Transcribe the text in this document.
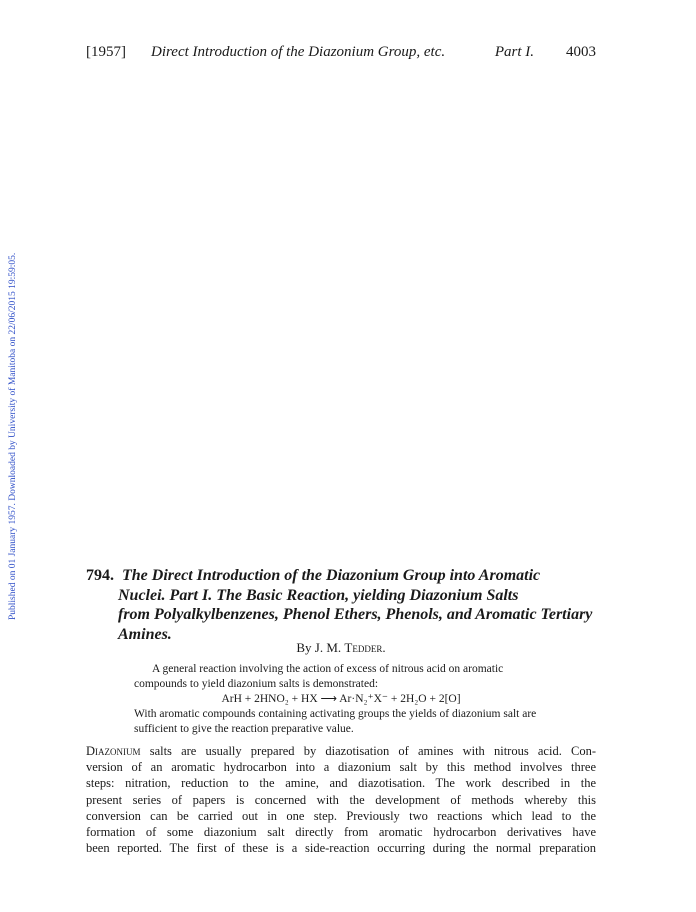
Published on 01 January 1957. Downloaded by University of Manitoba on 22/06/2015 19:59:05.
[1957] Direct Introduction of the Diazonium Group, etc.	Part I. 4003
794. The Direct Introduction of the Diazonium Group into Aromatic
Nuclei. Part I. The Basic Reaction, yielding Diazonium Salts
from Polyalkylbenzenes, Phenol Ethers, Phenols, and Aromatic Tertiary
Amines.
By J. M. Tedder.

A general reaction involving the action of excess of nitrous acid on aromatic compounds to yield diazonium salts is demonstrated:

ArH + 2HNO₂ + HX ⟶ Ar·N₂⁺X⁻ + 2H₂O + 2[O]

With aromatic compounds containing activating groups the yields of diazonium salt are sufficient to give the reaction preparative value.

Diazonium salts are usually prepared by diazotisation of amines with nitrous acid. Con-
version of an aromatic hydrocarbon into a diazonium salt by this method involves three
steps: nitration, reduction to the amine, and diazotisation. The work described in the
present series of papers is concerned with the development of methods whereby this
conversion can be carried out in one step. Previously two reactions which lead to the
formation of some diazonium salt directly from aromatic hydrocarbon derivatives have
been reported. The first of these is a side-reaction occurring during the normal preparation
